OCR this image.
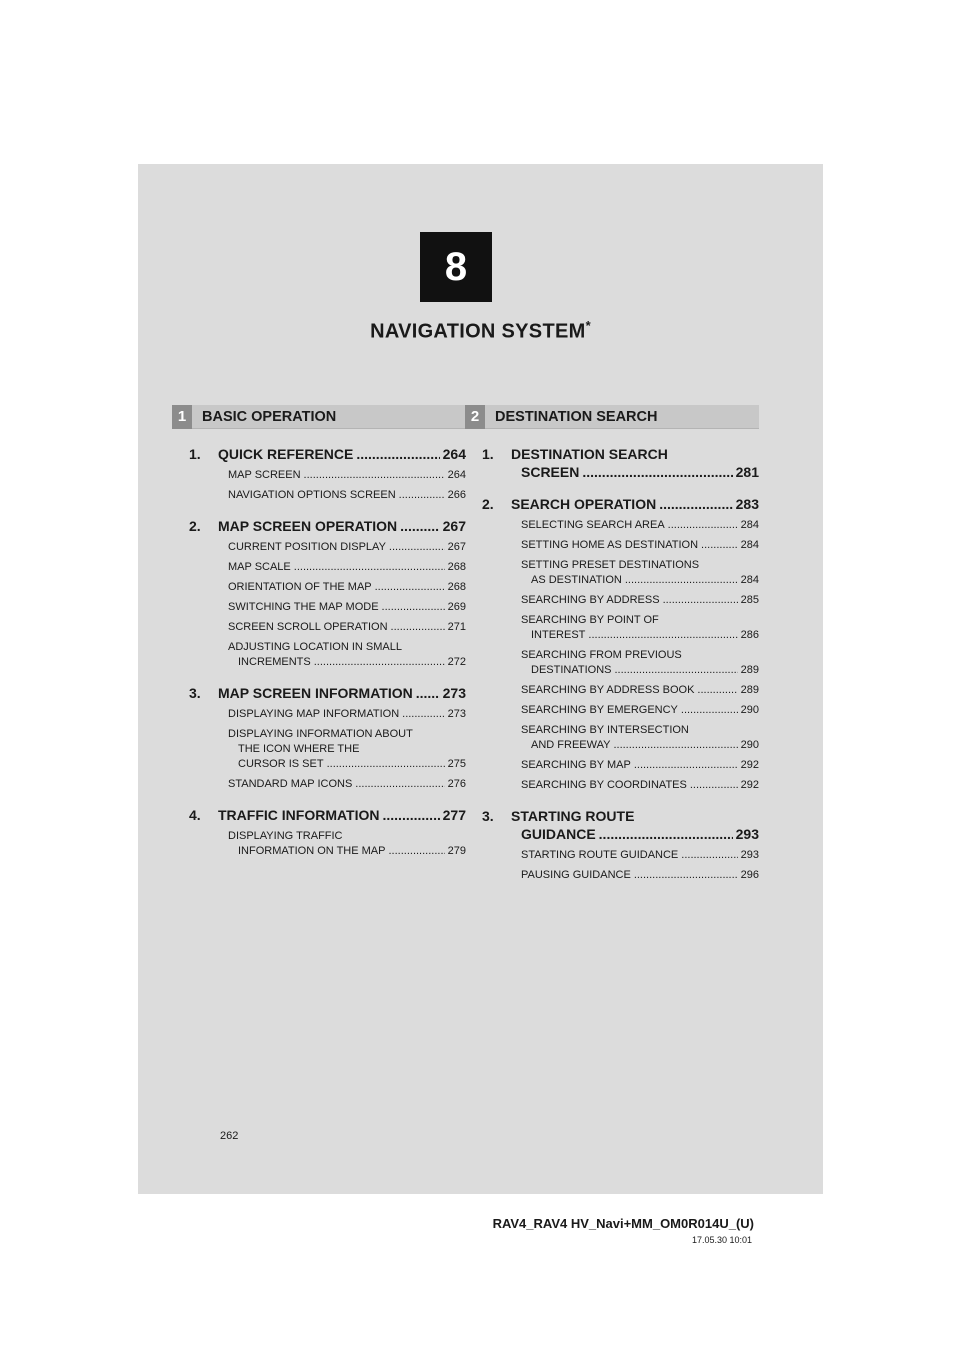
8
NAVIGATION SYSTEM*
1	BASIC OPERATION	2	DESTINATION SEARCH
1.	QUICK REFERENCE .....	264
MAP SCREEN .....	264
NAVIGATION OPTIONS SCREEN .....	266
2.	MAP SCREEN OPERATION .....	267
CURRENT POSITION DISPLAY .....	267
MAP SCALE .....	268
ORIENTATION OF THE MAP .....	268
SWITCHING THE MAP MODE .....	269
SCREEN SCROLL OPERATION .....	271
ADJUSTING LOCATION IN SMALL
INCREMENTS .....	272
3.	MAP SCREEN INFORMATION ..... 273
DISPLAYING MAP INFORMATION .....	273
DISPLAYING INFORMATION ABOUT
THE ICON WHERE THE
CURSOR IS SET .....	275
STANDARD MAP ICONS .....	276
4.	TRAFFIC INFORMATION .....	277
DISPLAYING TRAFFIC
INFORMATION ON THE MAP .....	279
1.	DESTINATION SEARCH
SCREEN .....	281
2.	SEARCH OPERATION .....	283
SELECTING SEARCH AREA .....	284
SETTING HOME AS DESTINATION .....	284
SETTING PRESET DESTINATIONS
AS DESTINATION .....	284
SEARCHING BY ADDRESS .....	285
SEARCHING BY POINT OF
INTEREST .....	286
SEARCHING FROM PREVIOUS
DESTINATIONS .....	289
SEARCHING BY ADDRESS BOOK .....	289
SEARCHING BY EMERGENCY .....	290
SEARCHING BY INTERSECTION
AND FREEWAY .....	290
SEARCHING BY MAP .....	292
SEARCHING BY COORDINATES .....	292
3.	STARTING ROUTE
GUIDANCE .....	293
STARTING ROUTE GUIDANCE .....	293
PAUSING GUIDANCE .....	296
262
RAV4_RAV4 HV_Navi+MM_OM0R014U_(U)
17.05.30 10:01
